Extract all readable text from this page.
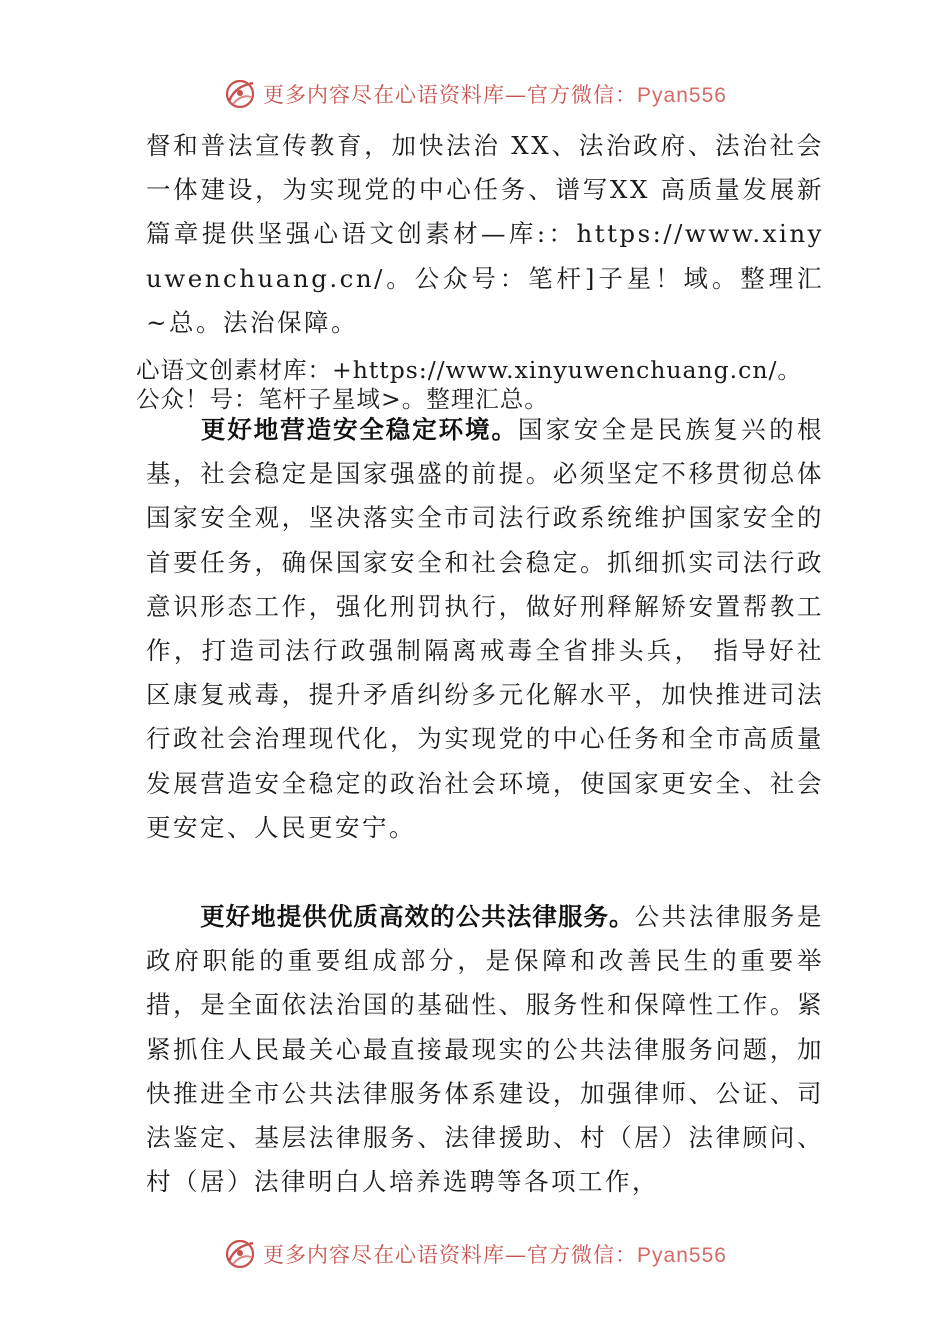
更多内容尽在心语资料库—官方微信：Pyan556

督和普法宣传教育，加快法治 XX、法治政府、法治社会一体建设，为实现党的中心任务、谱写XX 高质量发展新篇章提供坚强心语文创素材—库:：https://www.xinyuwenchuang.cn/。公众号：笔杆]子星！域。整理汇~总。法治保障。

心语文创素材库：+https://www.xinyuwenchuang.cn/。公众！号：笔杆子星域>。整理汇总。

更好地营造安全稳定环境。国家安全是民族复兴的根基，社会稳定是国家强盛的前提。必须坚定不移贯彻总体国家安全观，坚决落实全市司法行政系统维护国家安全的首要任务，确保国家安全和社会稳定。抓细抓实司法行政意识形态工作，强化刑罚执行，做好刑释解矫安置帮教工作，打造司法行政强制隔离戒毒全省排头兵， 指导好社区康复戒毒，提升矛盾纠纷多元化解水平，加快推进司法行政社会治理现代化，为实现党的中心任务和全市高质量发展营造安全稳定的政治社会环境，使国家更安全、社会更安定、人民更安宁。

更好地提供优质高效的公共法律服务。公共法律服务是政府职能的重要组成部分，是保障和改善民生的重要举措，是全面依法治国的基础性、服务性和保障性工作。紧紧抓住人民最关心最直接最现实的公共法律服务问题，加快推进全市公共法律服务体系建设，加强律师、公证、司法鉴定、基层法律服务、法律援助、村（居）法律顾问、村（居）法律明白人培养选聘等各项工作，

更多内容尽在心语资料库—官方微信：Pyan556
